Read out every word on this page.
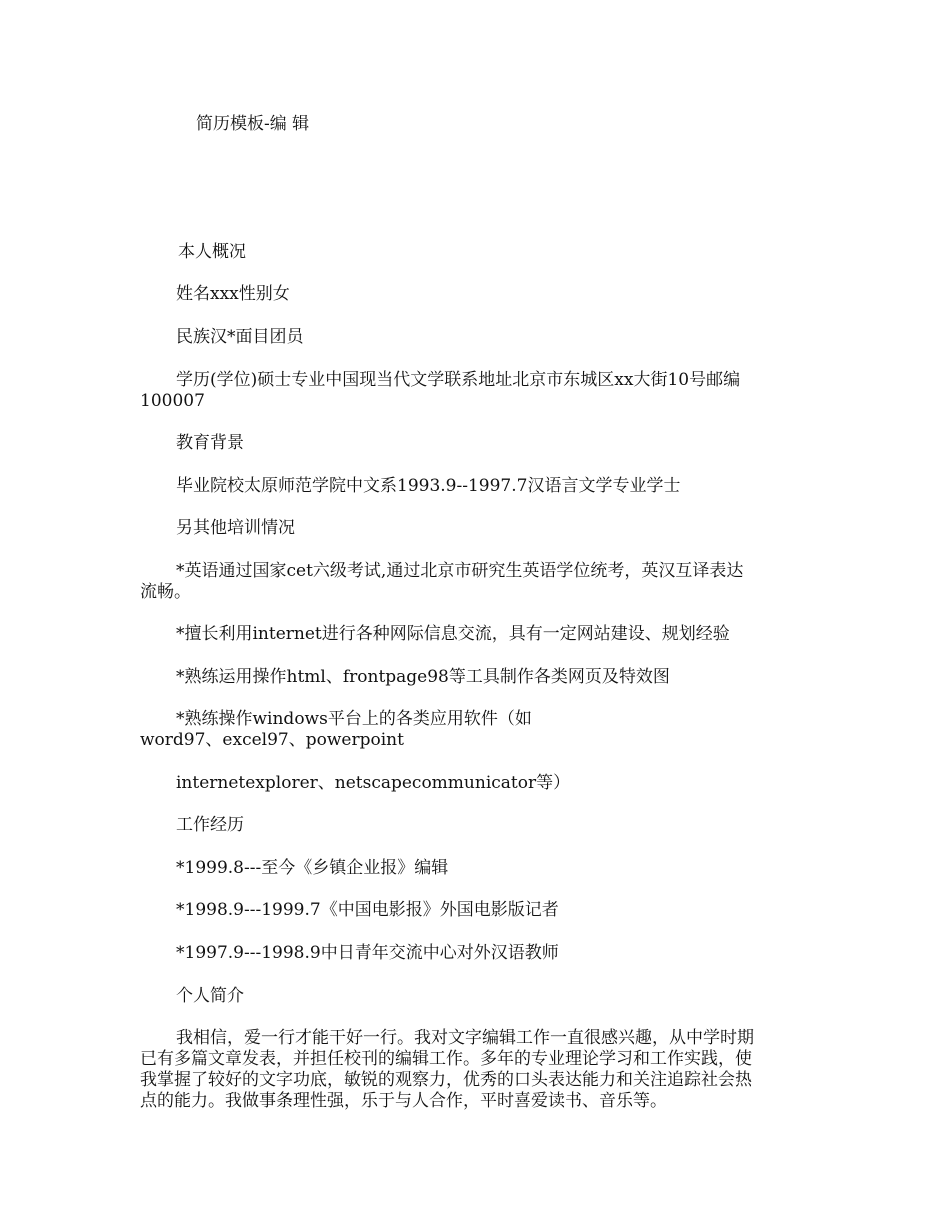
简历模板-编 辑
本人概况
姓名xxx性别女
民族汉*面目团员
学历(学位)硕士专业中国现当代文学联系地址北京市东城区xx大街10号邮编
100007
教育背景
毕业院校太原师范学院中文系1993.9--1997.7汉语言文学专业学士
另其他培训情况
*英语通过国家cet六级考试,通过北京市研究生英语学位统考，英汉互译表达
流畅。
*擅长利用internet进行各种网际信息交流，具有一定网站建设、规划经验
*熟练运用操作html、frontpage98等工具制作各类网页及特效图
*熟练操作windows平台上的各类应用软件（如
word97、excel97、powerpoint
internetexplorer、netscapecommunicator等）
工作经历
*1999.8---至今《乡镇企业报》编辑
*1998.9---1999.7《中国电影报》外国电影版记者
*1997.9---1998.9中日青年交流中心对外汉语教师
个人简介
我相信，爱一行才能干好一行。我对文字编辑工作一直很感兴趣，从中学时期
已有多篇文章发表，并担任校刊的编辑工作。多年的专业理论学习和工作实践，使
我掌握了较好的文字功底，敏锐的观察力，优秀的口头表达能力和关注追踪社会热
点的能力。我做事条理性强，乐于与人合作，平时喜爱读书、音乐等。
